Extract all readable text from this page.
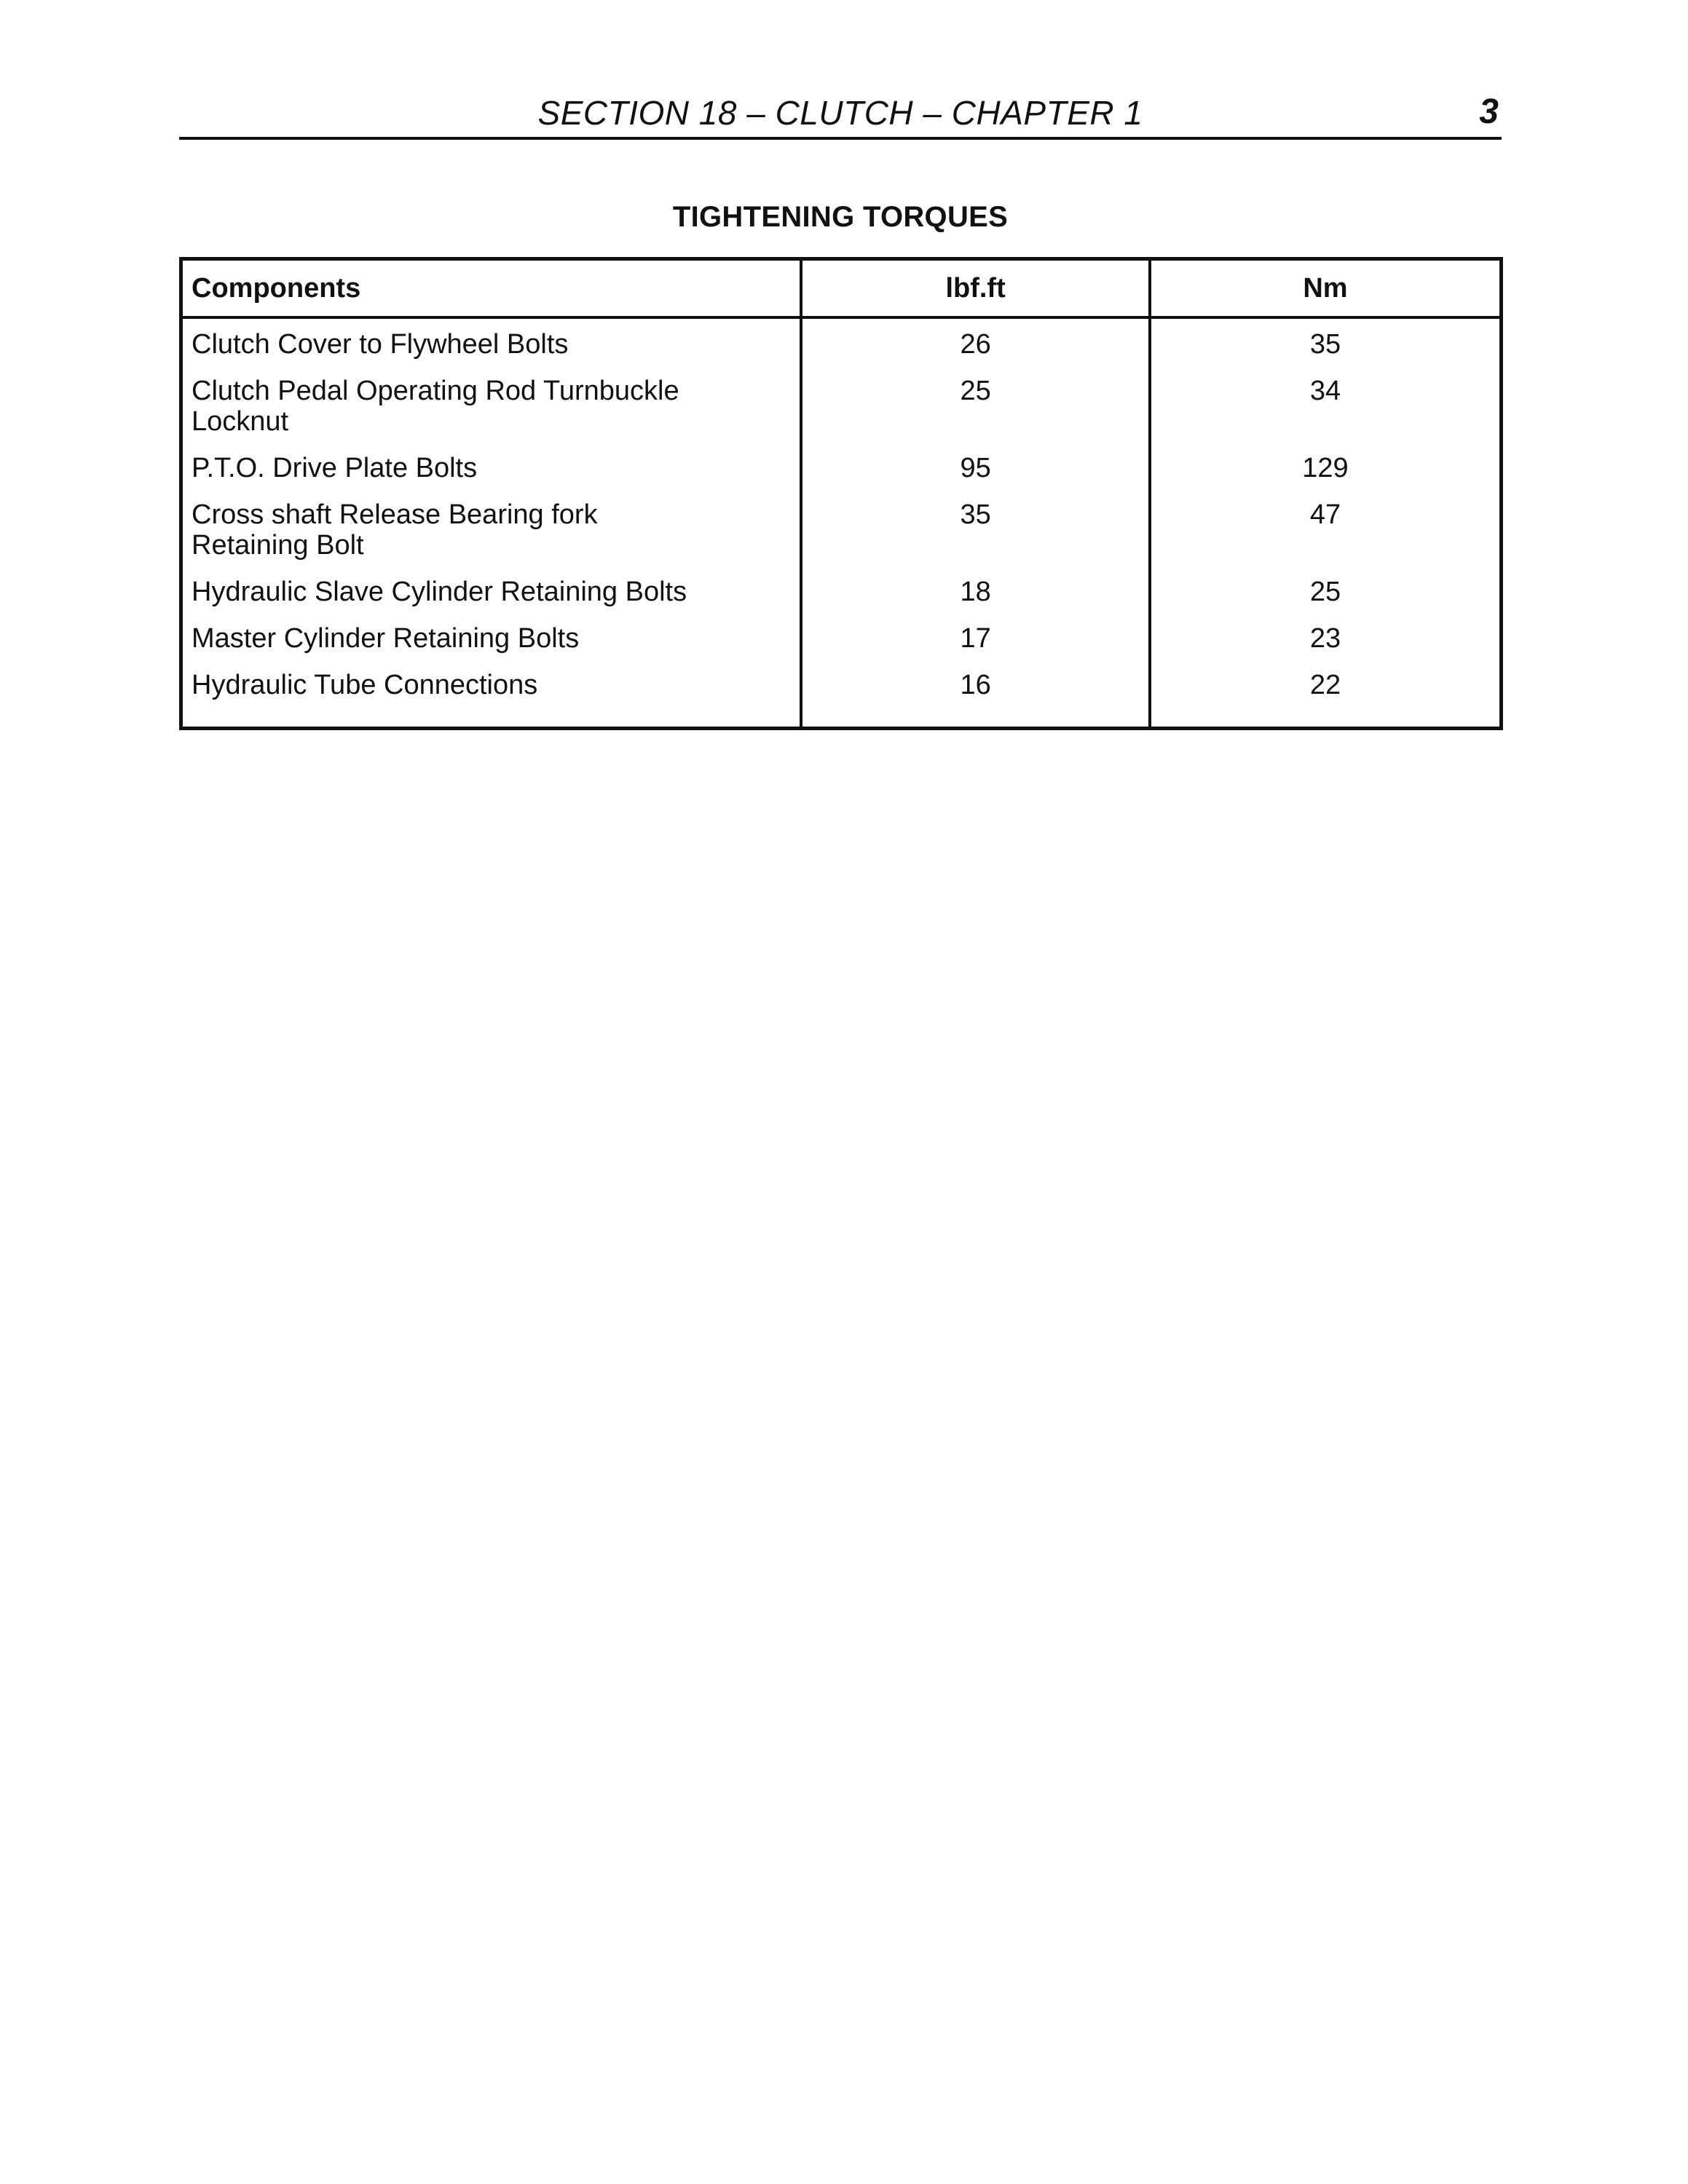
SECTION 18 – CLUTCH – CHAPTER 1	3
TIGHTENING TORQUES
Components	lbf.ft	Nm
Clutch Cover to Flywheel Bolts	26	35
Clutch Pedal Operating Rod Turnbuckle
Locknut	25	34
P.T.O. Drive Plate Bolts	95	129
Cross shaft Release Bearing fork
Retaining Bolt	35	47
Hydraulic Slave Cylinder Retaining Bolts	18	25
Master Cylinder Retaining Bolts	17	23
Hydraulic Tube Connections	16	22
